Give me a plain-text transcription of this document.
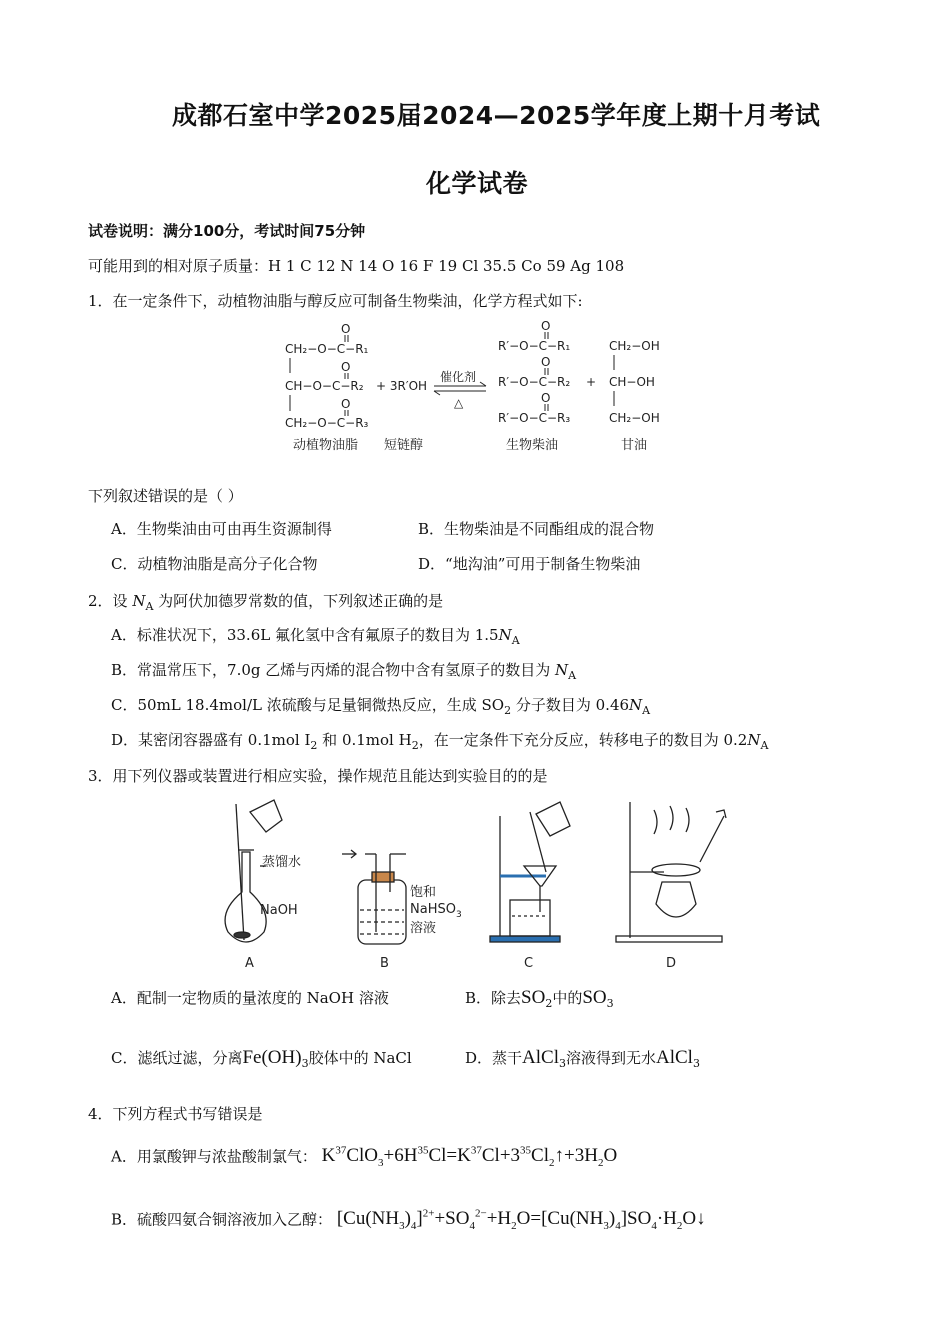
成都石室中学2025届2024—2025学年度上期十月考试
化学试卷
试卷说明：满分100分，考试时间75分钟
可能用到的相对原子质量：H 1 C 12 N 14 O 16 F 19 Cl 35.5 Co 59 Ag 108
1．在一定条件下，动植物油脂与醇反应可制备生物柴油，化学方程式如下:
O
CH₂−O−C−R₁
O
CH−O−C−R₂
O
CH₂−O−C−R₃
+ 3R′OH
催化剂
△
O
R′−O−C−R₁
O
R′−O−C−R₂
O
R′−O−C−R₃
+
CH₂−OH
CH−OH
CH₂−OH
动植物油脂 短链醇	生物柴油	甘油
下列叙述错误的是（ ）
A．生物柴油由可由再生资源制得	B．生物柴油是不同酯组成的混合物
C．动植物油脂是高分子化合物	D．“地沟油”可用于制备生物柴油
2．设 $N_A$ 为阿伏加德罗常数的值，下列叙述正确的是
A．标准状况下，33.6L 氟化氢中含有氟原子的数目为 $1.5N_A$
B．常温常压下，7.0g 乙烯与丙烯的混合物中含有氢原子的数目为 $N_A$
C．50mL 18.4mol/L 浓硫酸与足量铜微热反应，生成 $SO_2$ 分子数目为 $0.46N_A$
D．某密闭容器盛有 0.1mol $I_2$ 和 0.1mol $H_2$，在一定条件下充分反应，转移电子的数目为 $0.2N_A$
3．用下列仪器或装置进行相应实验，操作规范且能达到实验目的的是
蒸馏水
NaOH
饱和
NaHSO$_3$
溶液
A	B	C	D
A．配制一定物质的量浓度的 NaOH 溶液	B．除去$SO_2$中的$SO_3$
C．滤纸过滤，分离$Fe(OH)_3$胶体中的 NaCl	D．蒸干AlCl$_3$溶液得到无水AlCl$_3$
4．下列方程式书写错误是
A．用氯酸钾与浓盐酸制氯气： $K^{37}ClO_3+6H^{35}Cl=K^{37}Cl+3^{35}Cl_2↑+3H_2O$
B．硫酸四氨合铜溶液加入乙醇： $[Cu(NH_3)_4]^{2+}+SO_4^{2-}+H_2O=[Cu(NH_3)_4]SO_4\cdot H_2O↓$
